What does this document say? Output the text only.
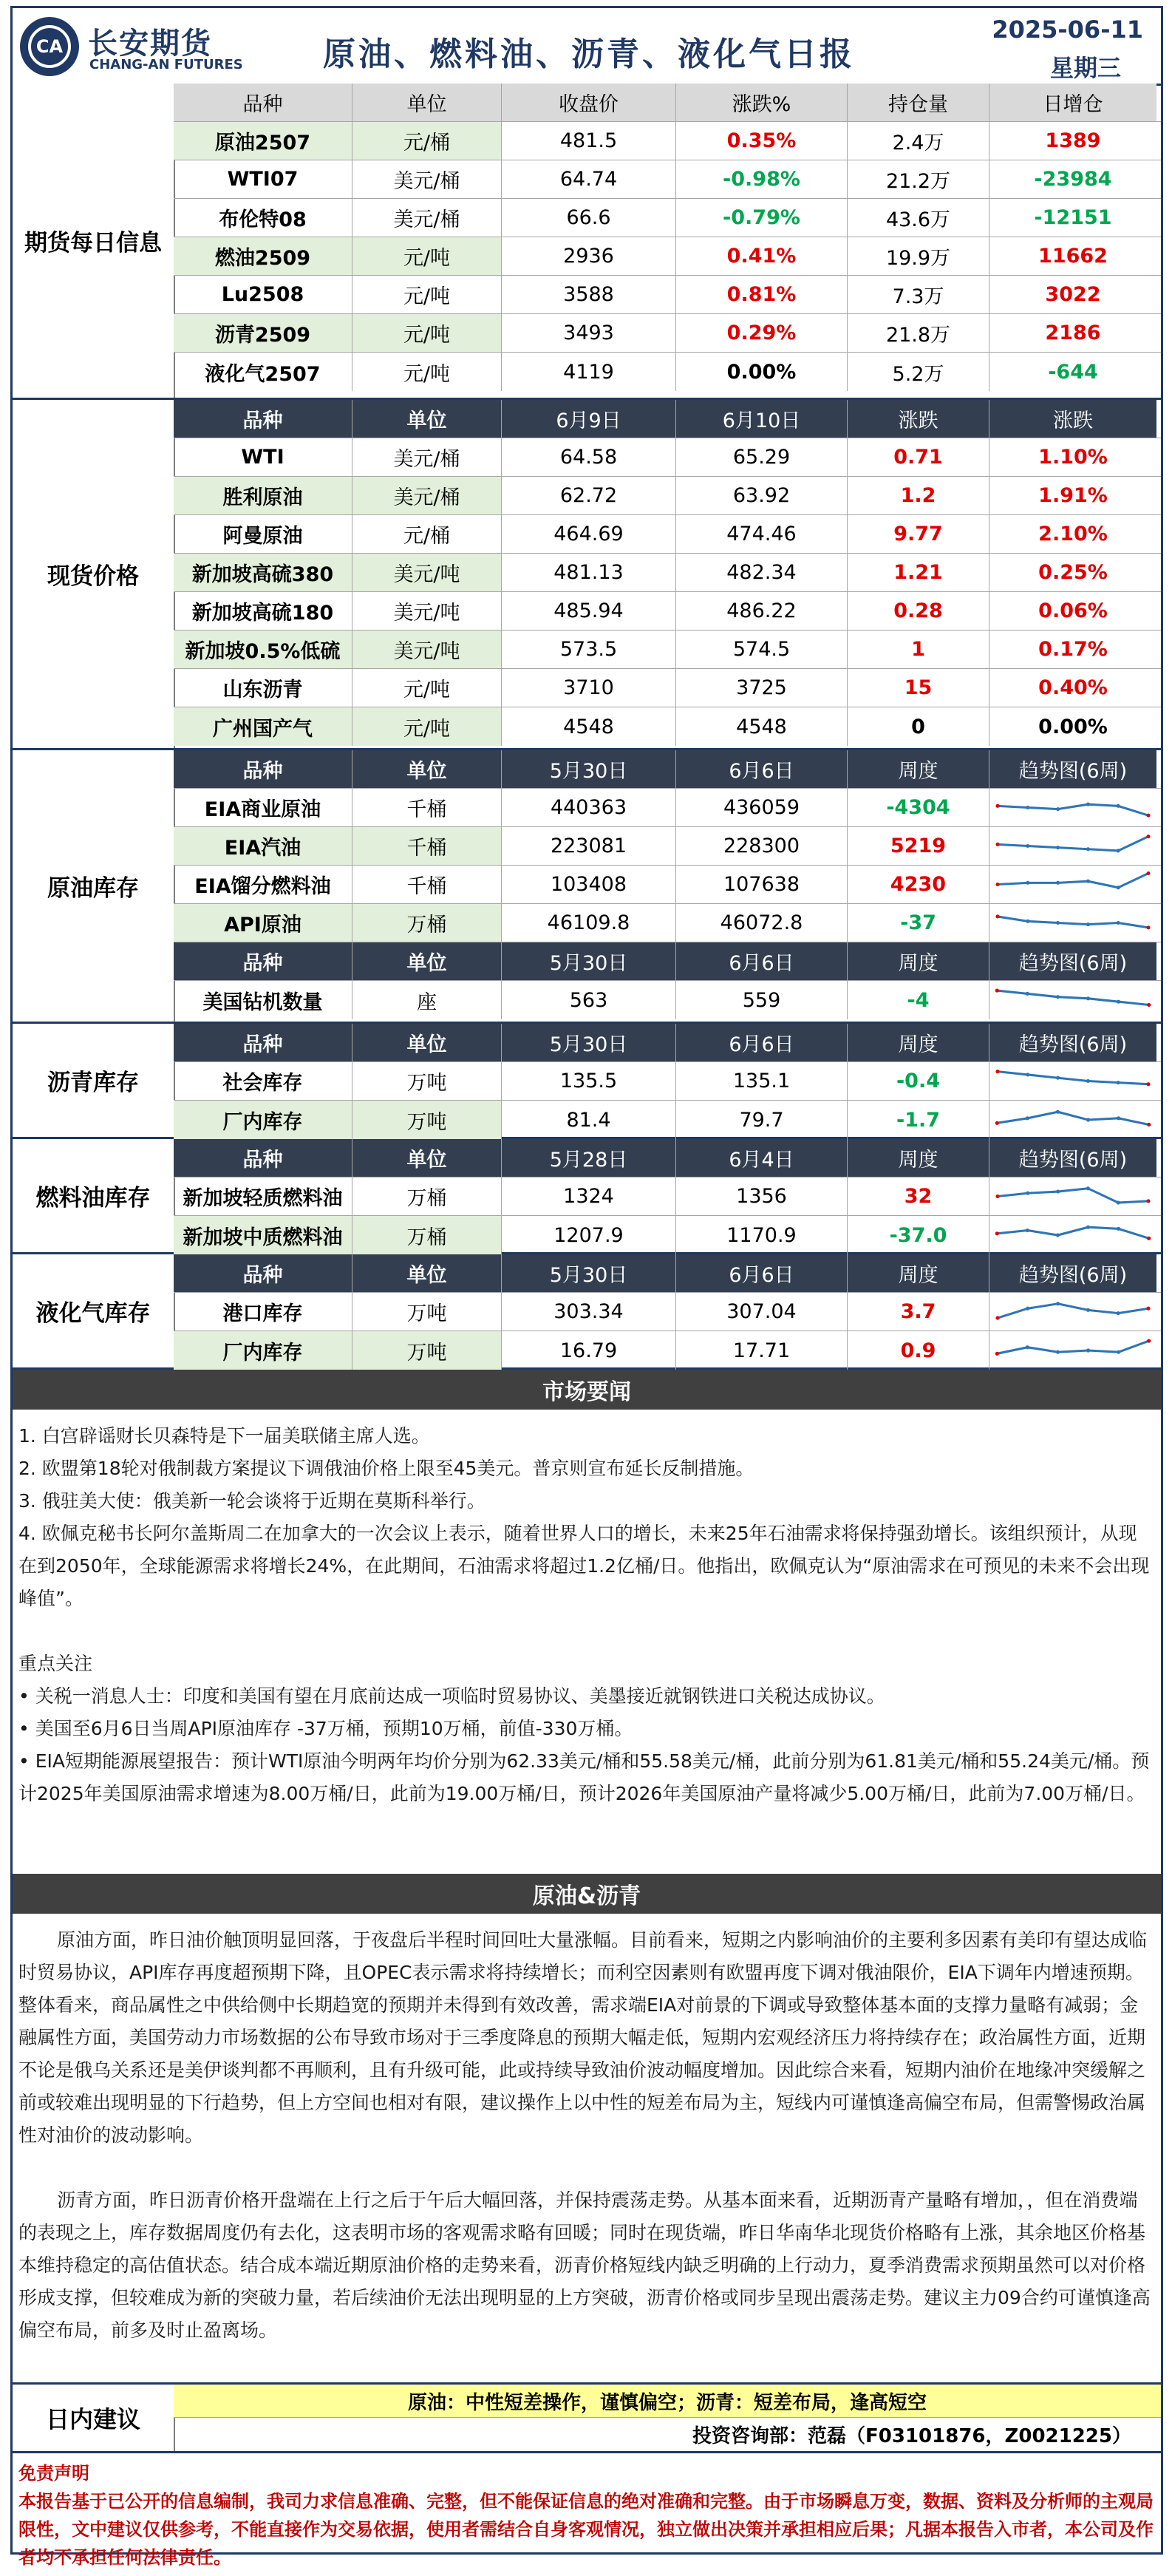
CA 长安期货
CHANG-AN FUTURES	原油、燃料油、沥青、液化气日报
2025-06-11
星期三
期货每日信息
品种	单位	收盘价	涨跌%	持仓量	日增仓
原油2507	元/桶	481.5	0.35%	2.4万	1389
WTI07	美元/桶	64.74	-0.98%	21.2万	-23984
布伦特08	美元/桶	66.6	-0.79%	43.6万	-12151
燃油2509	元/吨	2936	0.41%	19.9万	11662
Lu2508	元/吨	3588	0.81%	7.3万	3022
沥青2509	元/吨	3493	0.29%	21.8万	2186
液化气2507	元/吨	4119	0.00%	5.2万	-644
现货价格
品种	单位	6月9日	6月10日	涨跌	涨跌
WTI	美元/桶	64.58	65.29	0.71	1.10%
胜利原油	美元/桶	62.72	63.92	1.2	1.91%
阿曼原油	元/桶	464.69	474.46	9.77	2.10%
新加坡高硫380	美元/吨	481.13	482.34	1.21	0.25%
新加坡高硫180	美元/吨	485.94	486.22	0.28	0.06%
新加坡0.5%低硫	美元/吨	573.5	574.5	1	0.17%
山东沥青	元/吨	3710	3725	15	0.40%
广州国产气	元/吨	4548	4548	0	0.00%
原油库存
品种	单位	5月30日	6月6日	周度	趋势图(6周)
EIA商业原油	千桶	440363	436059	-4304
EIA汽油	千桶	223081	228300	5219
EIA馏分燃料油	千桶	103408	107638	4230
API原油	万桶	46109.8	46072.8	-37
品种	单位	5月30日	6月6日	周度	趋势图(6周)
美国钻机数量	座	563	559	-4
沥青库存
品种	单位	5月30日	6月6日	周度	趋势图(6周)
社会库存	万吨	135.5	135.1	-0.4
厂内库存	万吨	81.4	79.7	-1.7
燃料油库存
品种	单位	5月28日	6月4日	周度	趋势图(6周)
新加坡轻质燃料油	万桶	1324	1356	32
新加坡中质燃料油	万桶	1207.9	1170.9	-37.0
液化气库存
品种	单位	5月30日	6月6日	周度	趋势图(6周)
港口库存	万吨	303.34	307.04	3.7
厂内库存	万吨	16.79	17.71	0.9
市场要闻

1. 白宫辟谣财长贝森特是下一届美联储主席人选。

2. 欧盟第18轮对俄制裁方案提议下调俄油价格上限至45美元。普京则宣布延长反制措施。

3. 俄驻美大使：俄美新一轮会谈将于近期在莫斯科举行。

4. 欧佩克秘书长阿尔盖斯周二在加拿大的一次会议上表示，随着世界人口的增长，未来25年石油需求将保持强劲增长。该组织预计，从现在到2050年，全球能源需求将增长24%，在此期间，石油需求将超过1.2亿桶/日。他指出，欧佩克认为“原油需求在可预见的未来不会出现峰值”。

重点关注

• 关税一消息人士：印度和美国有望在月底前达成一项临时贸易协议、美墨接近就钢铁进口关税达成协议。

• 美国至6月6日当周API原油库存 -37万桶，预期10万桶，前值-330万桶。

• EIA短期能源展望报告：预计WTI原油今明两年均价分别为62.33美元/桶和55.58美元/桶，此前分别为61.81美元/桶和55.24美元/桶。预计2025年美国原油需求增速为8.00万桶/日，此前为19.00万桶/日，预计2026年美国原油产量将减少5.00万桶/日，此前为7.00万桶/日。

原油&沥青

原油方面，昨日油价触顶明显回落，于夜盘后半程时间回吐大量涨幅。目前看来，短期之内影响油价的主要利多因素有美印有望达成临时贸易协议，API库存再度超预期下降，且OPEC表示需求将持续增长；而利空因素则有欧盟再度下调对俄油限价，EIA下调年内增速预期。整体看来，商品属性之中供给侧中长期趋宽的预期并未得到有效改善，需求端EIA对前景的下调或导致整体基本面的支撑力量略有减弱；金融属性方面，美国劳动力市场数据的公布导致市场对于三季度降息的预期大幅走低，短期内宏观经济压力将持续存在；政治属性方面，近期不论是俄乌关系还是美伊谈判都不再顺利，且有升级可能，此或持续导致油价波动幅度增加。因此综合来看，短期内油价在地缘冲突缓解之前或较难出现明显的下行趋势，但上方空间也相对有限，建议操作上以中性的短差布局为主，短线内可谨慎逢高偏空布局，但需警惕政治属性对油价的波动影响。

沥青方面，昨日沥青价格开盘端在上行之后于午后大幅回落，并保持震荡走势。从基本面来看，近期沥青产量略有增加，，但在消费端的表现之上，库存数据周度仍有去化，这表明市场的客观需求略有回暖；同时在现货端，昨日华南华北现货价格略有上涨，其余地区价格基本维持稳定的高估值状态。结合成本端近期原油价格的走势来看，沥青价格短线内缺乏明确的上行动力，夏季消费需求预期虽然可以对价格形成支撑，但较难成为新的突破力量，若后续油价无法出现明显的上方突破，沥青价格或同步呈现出震荡走势。建议主力09合约可谨慎逢高偏空布局，前多及时止盈离场。

日内建议
原油：中性短差操作，谨慎偏空；沥青：短差布局，逢高短空
投资咨询部：范磊（F03101876，Z0021225）
免责声明
本报告基于已公开的信息编制，我司力求信息准确、完整，但不能保证信息的绝对准确和完整。由于市场瞬息万变，数据、资料及分析师的主观局限性，文中建议仅供参考，不能直接作为交易依据，使用者需结合自身客观情况，独立做出决策并承担相应后果；凡据本报告入市者，本公司及作者均不承担任何法律责任。
